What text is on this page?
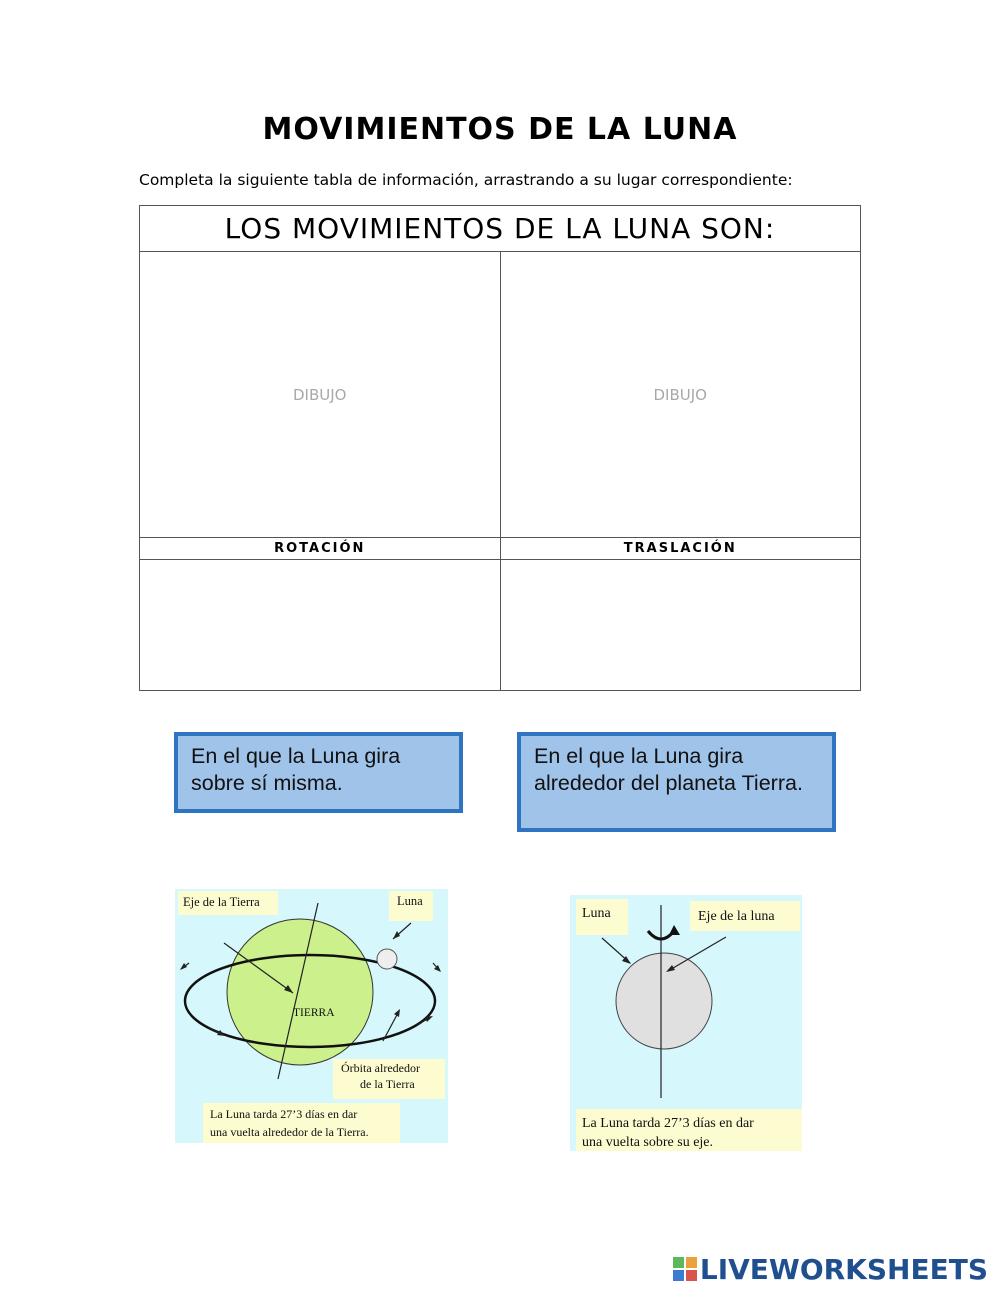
MOVIMIENTOS DE LA LUNA
Completa la siguiente tabla de información, arrastrando a su lugar correspondiente:
LOS MOVIMIENTOS DE LA LUNA SON:	
DIBUJO	DIBUJO
ROTACIÓN	TRASLACIÓN

En el que la Luna gira sobre sí misma.
En el que la Luna gira alrededor del planeta Tierra.
Eje de la Tierra	Luna
TIERRA
Órbita alrededor
de la Tierra
La Luna tarda 27’3 días en dar
una vuelta alrededor de la Tierra.
Luna	Eje de la luna
La Luna tarda 27’3 días en dar
una vuelta sobre su eje.
LIVEWORKSHEETS
